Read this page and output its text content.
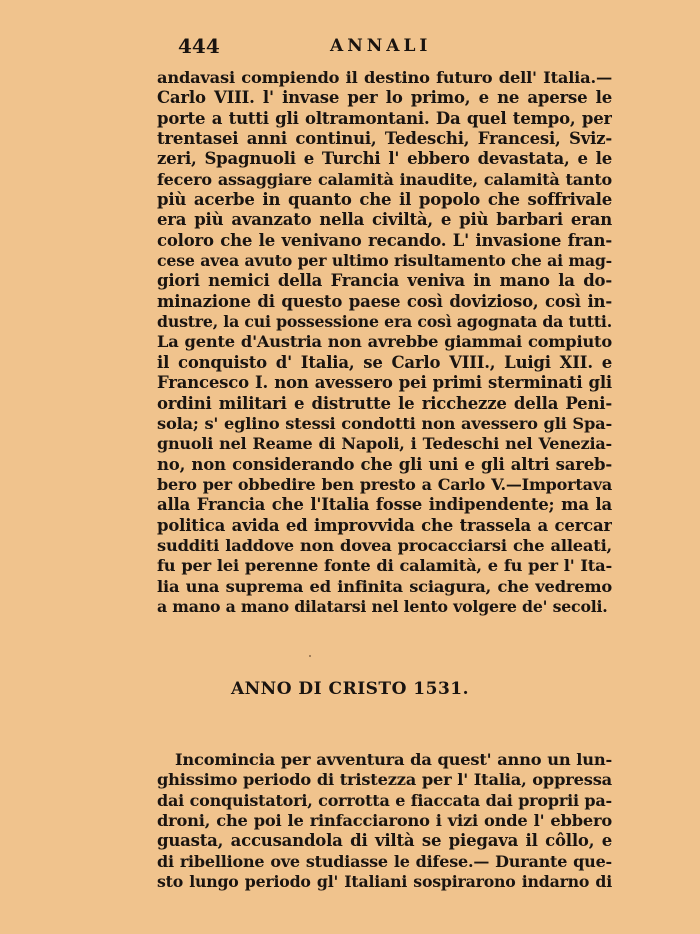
444	ANNALI
andavasi compiendo il destino futuro dell' Italia.—
Carlo VIII. l' invase per lo primo, e ne aperse le
porte a tutti gli oltramontani. Da quel tempo, per
trentasei anni continui, Tedeschi, Francesi, Sviz-
zeri, Spagnuoli e Turchi l' ebbero devastata, e le
fecero assaggiare calamità inaudite, calamità tanto
più acerbe in quanto che il popolo che soffrivale
era più avanzato nella civiltà, e più barbari eran
coloro che le venivano recando. L' invasione fran-
cese avea avuto per ultimo risultamento che ai mag-
giori nemici della Francia veniva in mano la do-
minazione di questo paese così dovizioso, così in-
dustre, la cui possessione era così agognata da tutti.
La gente d'Austria non avrebbe giammai compiuto
il conquisto d' Italia, se Carlo VIII., Luigi XII. e
Francesco I. non avessero pei primi sterminati gli
ordini militari e distrutte le ricchezze della Peni-
sola; s' eglino stessi condotti non avessero gli Spa-
gnuoli nel Reame di Napoli, i Tedeschi nel Venezia-
no, non considerando che gli uni e gli altri sareb-
bero per obbedire ben presto a Carlo V.—Importava
alla Francia che l'Italia fosse indipendente; ma la
politica avida ed improvvida che trassela a cercar
sudditi laddove non dovea procacciarsi che alleati,
fu per lei perenne fonte di calamità, e fu per l' Ita-
lia una suprema ed infinita sciagura, che vedremo
a mano a mano dilatarsi nel lento volgere de' secoli.
ANNO DI CRISTO 1531.
Incomincia per avventura da quest' anno un lun-
ghissimo periodo di tristezza per l' Italia, oppressa
dai conquistatori, corrotta e fiaccata dai proprii pa-
droni, che poi le rinfacciarono i vizi onde l' ebbero
guasta, accusandola di viltà se piegava il côllo, e
di ribellione ove studiasse le difese.— Durante que-
sto lungo periodo gl' Italiani sospirarono indarno di
